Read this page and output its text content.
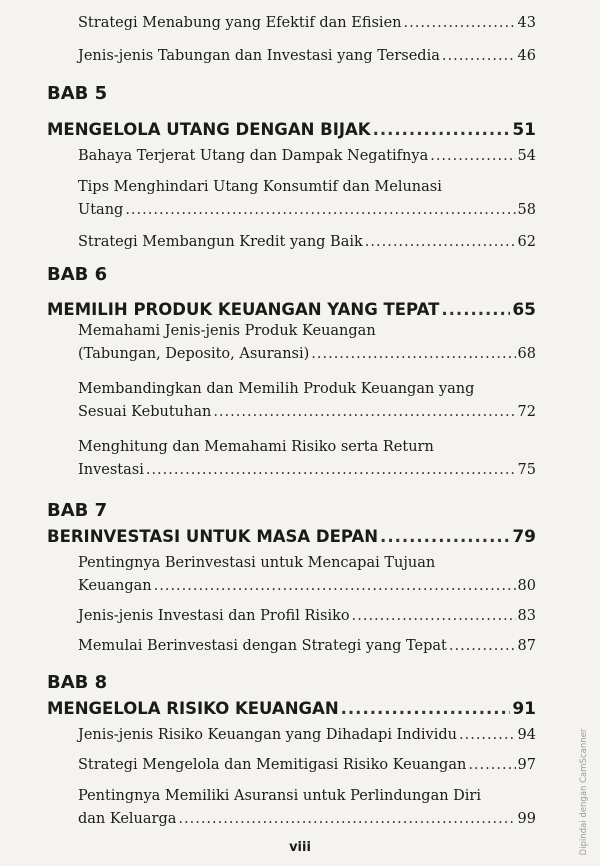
Strategi Menabung yang Efektif dan Efisien .....	43
Jenis-jenis Tabungan dan Investasi yang Tersedia .....	46
BAB 5
MENGELOLA UTANG DENGAN BIJAK .....	51
Bahaya Terjerat Utang dan Dampak Negatifnya .....	54
Tips Menghindari Utang Konsumtif dan Melunasi
Utang .....	58
Strategi Membangun Kredit yang Baik .....	62
BAB 6
MEMILIH PRODUK KEUANGAN YANG TEPAT .....	65
Memahami Jenis-jenis Produk Keuangan
(Tabungan, Deposito, Asuransi) .....	68
Membandingkan dan Memilih Produk Keuangan yang
Sesuai Kebutuhan .....	72
Menghitung dan Memahami Risiko serta Return
Investasi .....	75
BAB 7
BERINVESTASI UNTUK MASA DEPAN .....	79
Pentingnya Berinvestasi untuk Mencapai Tujuan
Keuangan .....	80
Jenis-jenis Investasi dan Profil Risiko .....	83
Memulai Berinvestasi dengan Strategi yang Tepat .....	87
BAB 8
MENGELOLA RISIKO KEUANGAN .....	91
Jenis-jenis Risiko Keuangan yang Dihadapi Individu .....	94
Strategi Mengelola dan Memitigasi Risiko Keuangan .....	97
Pentingnya Memiliki Asuransi untuk Perlindungan Diri
dan Keluarga .....	99
viii	Dipindai dengan CamScanner
